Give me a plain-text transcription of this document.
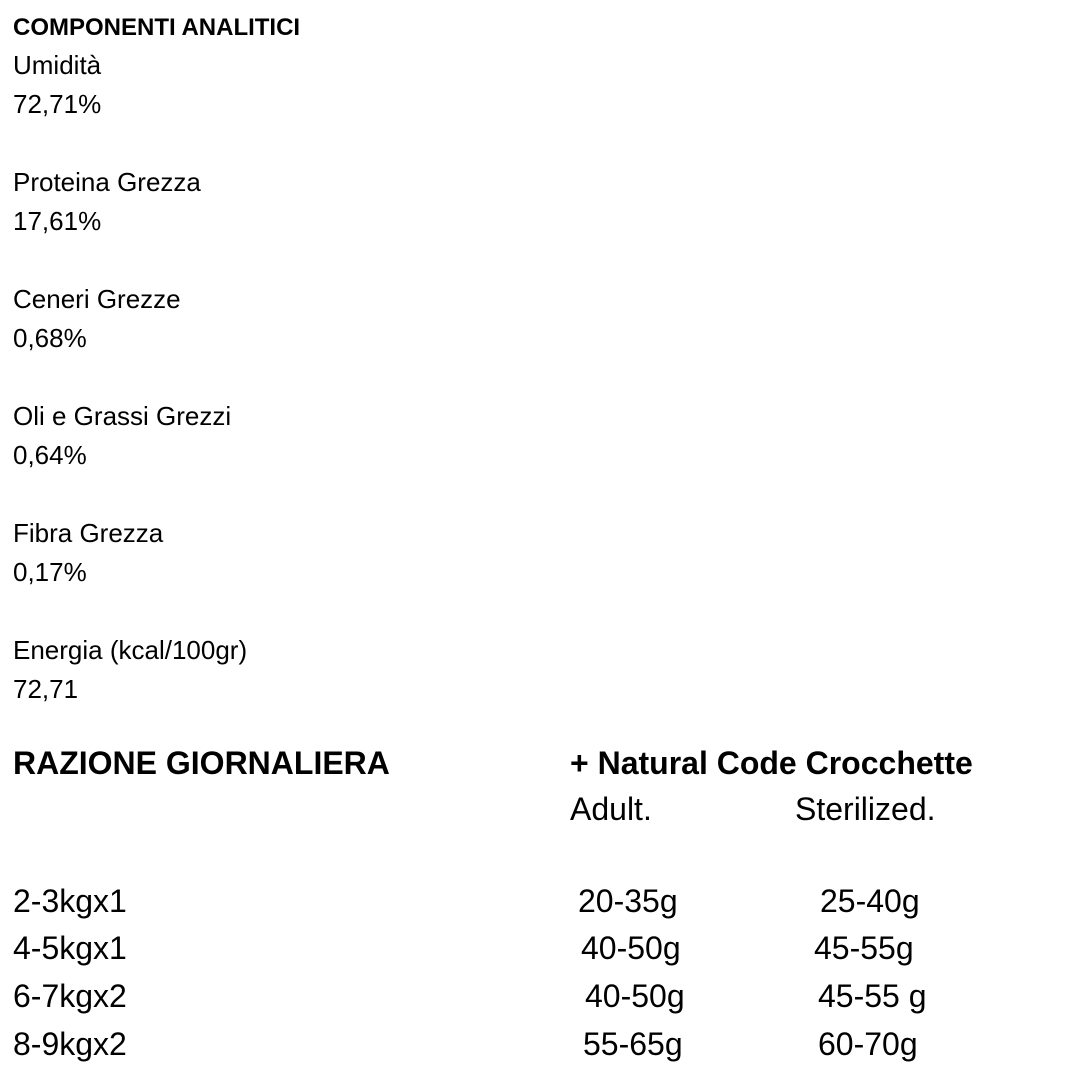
COMPONENTI ANALITICI
Umidità
72,71%
Proteina Grezza
17,61%
Ceneri Grezze
0,68%
Oli e Grassi Grezzi
0,64%
Fibra Grezza
0,17%
Energia (kcal/100gr)
72,71
RAZIONE GIORNALIERA	+ Natural Code Crocchette
Adult.	Sterilized.
2-3kgx1	20-35g	25-40g
4-5kgx1	40-50g	45-55g
6-7kgx2	40-50g	45-55 g
8-9kgx2	55-65g	60-70g
